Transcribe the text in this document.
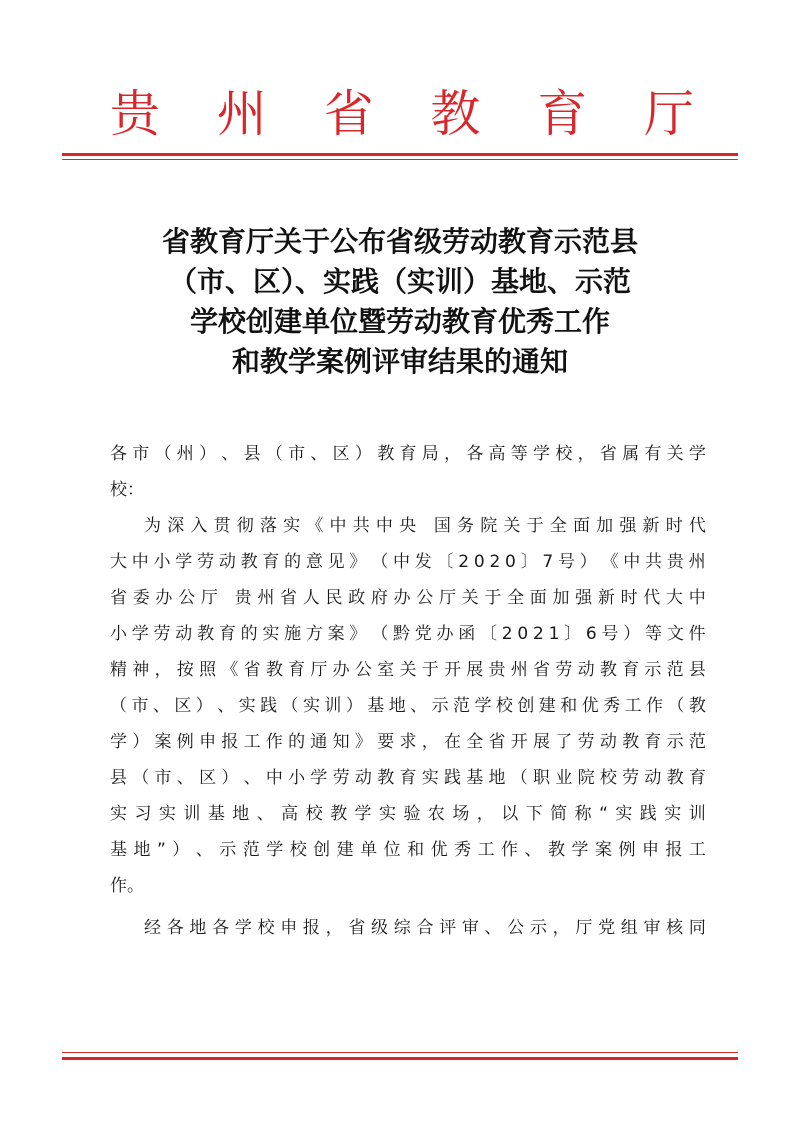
贵 州 省 教 育 厅
省教育厅关于公布省级劳动教育示范县
（市、区）、实践（实训）基地、示范
学校创建单位暨劳动教育优秀工作
和教学案例评审结果的通知
各 市 （ 州 ） 、 县 （ 市 、 区 ） 教 育 局 ， 各 高 等 学 校 ， 省 属 有 关 学
校：
为 深 入 贯 彻 落 实 《 中 共 中 央
国 务 院 关 于 全 面 加 强 新 时 代
大 中 小 学 劳 动 教 育 的 意 见 》 （ 中 发 〔 2 0 2 0 〕 7 号 ） 《 中 共 贵 州
省 委 办 公 厅
贵 州 省 人 民 政 府 办 公 厅 关 于 全 面 加 强 新 时 代 大 中
小 学 劳 动 教 育 的 实 施 方 案 》 （ 黔 党 办 函 〔 2 0 2 1 〕 6 号 ） 等 文 件
精 神 ， 按 照 《 省 教 育 厅 办 公 室 关 于 开 展 贵 州 省 劳 动 教 育 示 范 县
（ 市 、 区 ） 、 实 践 （ 实 训 ） 基 地 、 示 范 学 校 创 建 和 优 秀 工 作 （ 教
学 ） 案 例 申 报 工 作 的 通 知 》 要 求 ， 在 全 省 开 展 了 劳 动 教 育 示 范
县 （ 市 、 区 ） 、 中 小 学 劳 动 教 育 实 践 基 地 （ 职 业 院 校 劳 动 教 育
实 习 实 训 基 地 、 高 校 教 学 实 验 农 场 ， 以 下 简 称 “ 实 践 实 训
基 地 ” ） 、 示 范 学 校 创 建 单 位 和 优 秀 工 作 、 教 学 案 例 申 报 工
作。
经 各 地 各 学 校 申 报 ， 省 级 综 合 评 审 、 公 示 ， 厅 党 组 审 核 同
